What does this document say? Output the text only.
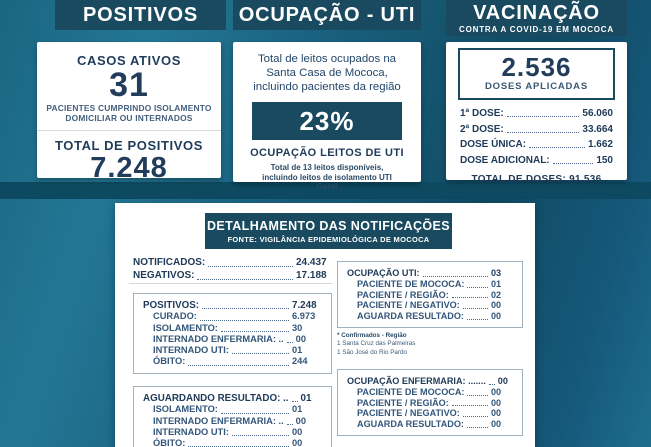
POSITIVOS
CASOS ATIVOS
31
PACIENTES CUMPRINDO ISOLAMENTO DOMICILIAR OU INTERNADOS
TOTAL DE POSITIVOS
7.248
OCUPAÇÃO - UTI
Total de leitos ocupados na Santa Casa de Mococa, incluindo pacientes da região
23%
OCUPAÇÃO LEITOS DE UTI
Total de 13 leitos disponíveis, incluindo leitos de isolamento UTI Geral
VACINAÇÃO
CONTRA A COVID-19 EM MOCOCA
2.536
DOSES APLICADAS
1ª DOSE:	56.060
2ª DOSE:	33.664
DOSE ÚNICA:	1.662
DOSE ADICIONAL:	150
TOTAL DE DOSES: 91.536
DETALHAMENTO DAS NOTIFICAÇÕES
FONTE: VIGILÂNCIA EPIDEMIOLÓGICA DE MOCOCA
NOTIFICADOS:	24.437
NEGATIVOS:	17.188
POSITIVOS:	7.248
CURADO:	6.973
ISOLAMENTO:	30
INTERNADO ENFERMARIA: .. 00
INTERNADO UTI:	01
ÓBITO:	244
AGUARDANDO RESULTADO: .. 01
ISOLAMENTO:	01
INTERNADO ENFERMARIA: .. 00
INTERNADO UTI:	00
ÓBITO:	00
OCUPAÇÃO UTI:	03
PACIENTE DE MOCOCA:	01
PACIENTE / REGIÃO:	02
PACIENTE / NEGATIVO:	00
AGUARDA RESULTADO:	00
* Confirmados - Região
1 Santa Cruz das Palmeiras
1 São José do Rio Pardo
OCUPAÇÃO ENFERMARIA: ....... 00
PACIENTE DE MOCOCA:	00
PACIENTE / REGIÃO:	00
PACIENTE / NEGATIVO:	00
AGUARDA RESULTADO:	00
